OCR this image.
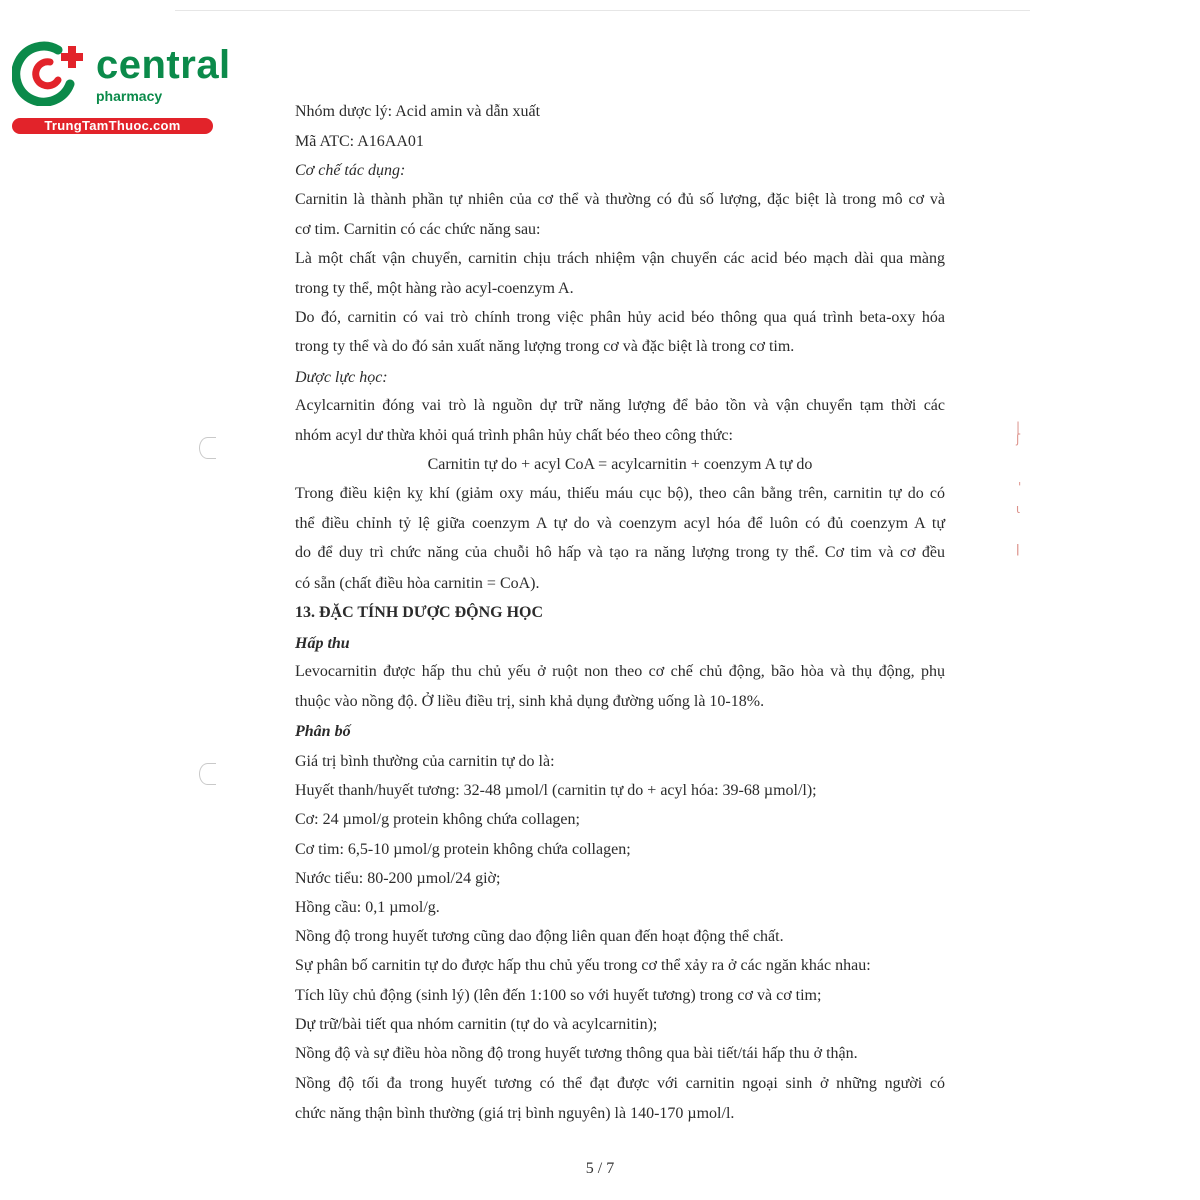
central
pharmacy
TrungTamThuoc.com
|
ʃ
'
ɩ
ǀ
Nhóm dược lý: Acid amin và dẫn xuất
Mã ATC: A16AA01
Cơ chế tác dụng:
Carnitin là thành phần tự nhiên của cơ thể và thường có đủ số lượng, đặc biệt là trong mô cơ và
cơ tim. Carnitin có các chức năng sau:
Là một chất vận chuyển, carnitin chịu trách nhiệm vận chuyển các acid béo mạch dài qua màng
trong ty thể, một hàng rào acyl-coenzym A.
Do đó, carnitin có vai trò chính trong việc phân hủy acid béo thông qua quá trình beta-oxy hóa
trong ty thể và do đó sản xuất năng lượng trong cơ và đặc biệt là trong cơ tim.
Dược lực học:
Acylcarnitin đóng vai trò là nguồn dự trữ năng lượng để bảo tồn và vận chuyển tạm thời các
nhóm acyl dư thừa khỏi quá trình phân hủy chất béo theo công thức:
Carnitin tự do + acyl CoA = acylcarnitin + coenzym A tự do
Trong điều kiện kỵ khí (giảm oxy máu, thiếu máu cục bộ), theo cân bằng trên, carnitin tự do có
thể điều chỉnh tỷ lệ giữa coenzym A tự do và coenzym acyl hóa để luôn có đủ coenzym A tự
do để duy trì chức năng của chuỗi hô hấp và tạo ra năng lượng trong ty thể. Cơ tim và cơ đều
có sẵn (chất điều hòa carnitin = CoA).
13. ĐẶC TÍNH DƯỢC ĐỘNG HỌC
Hấp thu
Levocarnitin được hấp thu chủ yếu ở ruột non theo cơ chế chủ động, bão hòa và thụ động, phụ
thuộc vào nồng độ. Ở liều điều trị, sinh khả dụng đường uống là 10-18%.
Phân bố
Giá trị bình thường của carnitin tự do là:
Huyết thanh/huyết tương: 32-48 µmol/l (carnitin tự do + acyl hóa: 39-68 µmol/l);
Cơ: 24 µmol/g protein không chứa collagen;
Cơ tim: 6,5-10 µmol/g protein không chứa collagen;
Nước tiểu: 80-200 µmol/24 giờ;
Hồng cầu: 0,1 µmol/g.
Nồng độ trong huyết tương cũng dao động liên quan đến hoạt động thể chất.
Sự phân bố carnitin tự do được hấp thu chủ yếu trong cơ thể xảy ra ở các ngăn khác nhau:
Tích lũy chủ động (sinh lý) (lên đến 1:100 so với huyết tương) trong cơ và cơ tim;
Dự trữ/bài tiết qua nhóm carnitin (tự do và acylcarnitin);
Nồng độ và sự điều hòa nồng độ trong huyết tương thông qua bài tiết/tái hấp thu ở thận.
Nồng độ tối đa trong huyết tương có thể đạt được với carnitin ngoại sinh ở những người có
chức năng thận bình thường (giá trị bình nguyên) là 140-170 µmol/l.
5 / 7
